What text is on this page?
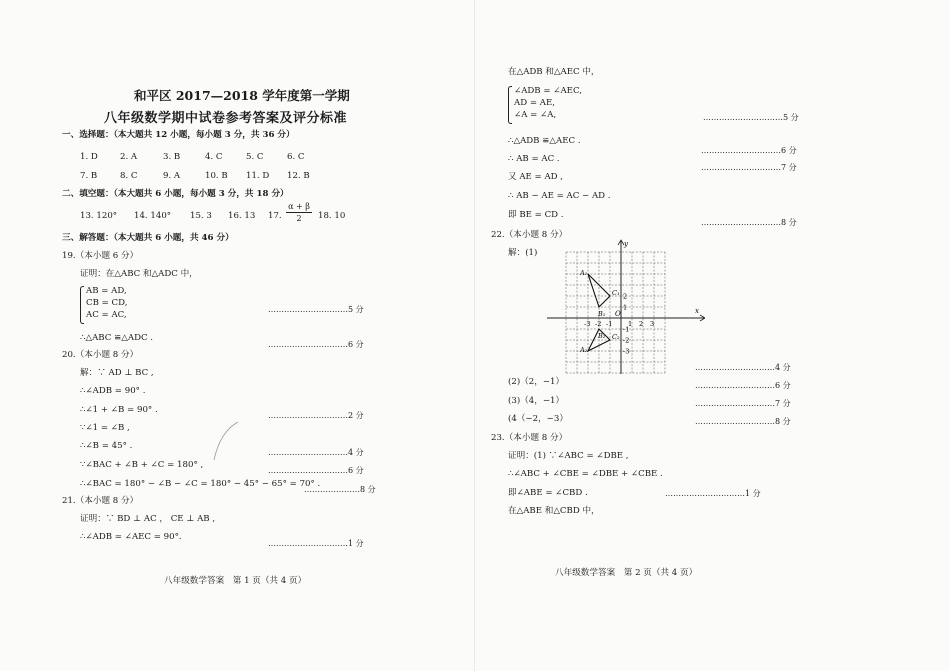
和平区 2017—2018 学年度第一学期
八年级数学期中试卷参考答案及评分标准
一、选择题：（本大题共 12 小题，每小题 3 分，共 36 分）
1. D	2. A	3. B	4. C	5. C	6. C
7. B	8. C	9. A	10. B 11. D 12. B
二、填空题：（本大题共 6 小题，每小题 3 分，共 18 分）
13. 120° 14. 140° 15. 3 16. 13 17.
α + β
2	18. 10
三、解答题：（本大题共 6 小题，共 46 分）
19.（本小题 6 分）
证明：在△ABC 和△ADC 中，
AB = AD,
CB = CD,
AC = AC,
…………………………5 分
∴△ABC ≌△ADC .
…………………………6 分
20.（本小题 8 分）
解：∵ AD ⊥ BC ,
∴∠ADB = 90° .
∴∠1 + ∠B = 90° .
…………………………2 分
∵∠1 = ∠B ,
∴∠B = 45° .
…………………………4 分
∵∠BAC + ∠B + ∠C = 180° ,
…………………………6 分
∴∠BAC = 180° − ∠B − ∠C = 180° − 45° − 65° = 70° .
…………………8 分
21.（本小题 8 分）
证明：∵ BD ⊥ AC ， CE ⊥ AB ,
∴∠ADB = ∠AEC = 90°.
…………………………1 分
八年级数学答案　第 1 页（共 4 页）
在△ADB 和△AEC 中，
∠ADB = ∠AEC,
AD = AE,
∠A = ∠A,	…………………………5 分
∴△ADB ≌△AEC .
…………………………6 分
∴ AB = AC .
…………………………7 分
又 AE = AD ,
∴ AB − AE = AC − AD .
即 BE = CD .
…………………………8 分
22.（本小题 8 分）
解：(1)
x
y
O
-3 -2 -1 1 2 3
2
1
-1
-2
-3
A₁
B₁
C₁
A₂
B₂ C₂
…………………………4 分
(2)（2，−1）	…………………………6 分
(3)（4，−1）	…………………………7 分
(4（−2，−3）	…………………………8 分
23.（本小题 8 分）
证明：(1) ∵∠ABC = ∠DBE ,
∴∠ABC + ∠CBE = ∠DBE + ∠CBE .
即∠ABE = ∠CBD .	…………………………1 分
在△ABE 和△CBD 中，
八年级数学答案　第 2 页（共 4 页）
